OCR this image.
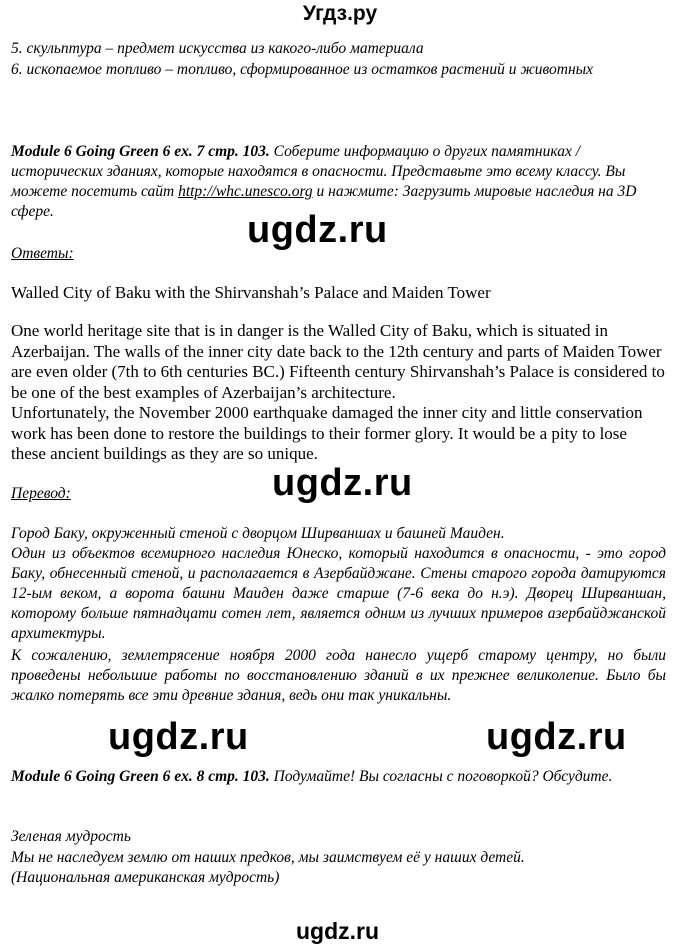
Угдз.ру
5. скульптура – предмет искусства из какого-либо материала
6. ископаемое топливо – топливо, сформированное из остатков растений и животных
Module 6 Going Green 6 ex. 7 стр. 103. Соберите информацию о других памятниках / исторических зданиях, которые находятся в опасности. Представьте это всему классу. Вы можете посетить сайт http://whc.unesco.org и нажмите: Загрузить мировые наследия на 3D сфере.	ugdz.ru
Ответы:
Walled City of Baku with the Shirvanshah’s Palace and Maiden Tower
One world heritage site that is in danger is the Walled City of Baku, which is situated in Azerbaijan. The walls of the inner city date back to the 12th century and parts of Maiden Tower are even older (7th to 6th centuries BC.) Fifteenth century Shirvanshah’s Palace is considered to be one of the best examples of Azerbaijan’s architecture.
Unfortunately, the November 2000 earthquake damaged the inner city and little conservation work has been done to restore the buildings to their former glory. It would be a pity to lose these ancient buildings as they are so unique.
ugdz.ru
Перевод:
Город Баку, окруженный стеной с дворцом Ширваншах и башней Маиден.
Один из объектов всемирного наследия Юнеско, который находится в опасности, - это город Баку, обнесенный стеной, и располагается в Азербайджане. Стены старого города датируются 12-ым веком, а ворота башни Маиден даже старше (7-6 века до н.э). Дворец Ширваншан, которому больше пятнадцати сотен лет, является одним из лучших примеров азербайджанской архитектуры.
К сожалению, землетрясение ноября 2000 года нанесло ущерб старому центру, но были проведены небольшие работы по восстановлению зданий в их прежнее великолепие. Было бы жалко потерять все эти древние здания, ведь они так уникальны.
ugdz.ru	ugdz.ru
Module 6 Going Green 6 ex. 8 стр. 103. Подумайте! Вы согласны с поговоркой? Обсудите.
Зеленая мудрость
Мы не наследуем землю от наших предков, мы заимствуем её у наших детей.
(Национальная американская мудрость)
ugdz.ru
